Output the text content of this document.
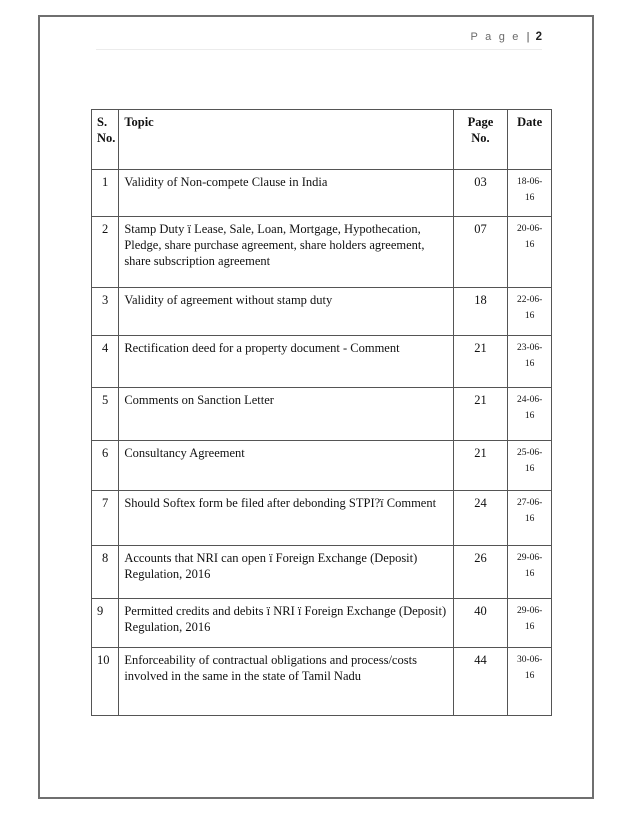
P a g e | 2
S. No.	Topic	Page No.	Date
1	Validity of Non-compete Clause in India	03	18-06-16
2	Stamp Duty ï Lease, Sale, Loan, Mortgage, Hypothecation, Pledge, share purchase agreement, share holders agreement, share subscription agreement	07	20-06-16
3	Validity of agreement without stamp duty	18	22-06-16
4	Rectification deed for a property document - Comment	21	23-06-16
5	Comments on Sanction Letter	21	24-06-16
6	Consultancy Agreement	21	25-06-16
7	Should Softex form be filed after debonding STPI?ï Comment	24	27-06-16
8	Accounts that NRI can open ï Foreign Exchange (Deposit) Regulation, 2016	26	29-06-16
9	Permitted credits and debits ï NRI ï Foreign Exchange (Deposit) Regulation, 2016	40	29-06-16
10	Enforceability of contractual obligations and process/costs involved in the same in the state of Tamil Nadu	44	30-06-16
